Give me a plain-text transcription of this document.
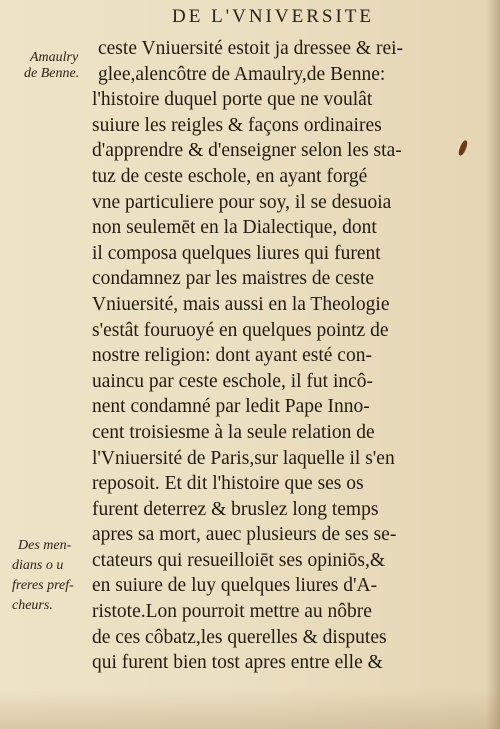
DE L'VNIVERSITE
Amaulry
de Benne.
Des men-
dians o u
freres pref-
cheurs.
ceste Vniuersité estoit ja dressee & rei-
glee,alencôtre de Amaulry,de Benne:
l'histoire duquel porte que ne voulât
suiure les reigles & façons ordinaires
d'apprendre & d'enseigner selon les sta-
tuz de ceste eschole, en ayant forgé
vne particuliere pour soy, il se desuoia
non seulemēt en la Dialectique, dont
il composa quelques liures qui furent
condamnez par les maistres de ceste
Vniuersité, mais aussi en la Theologie
s'estât fouruoyé en quelques pointz de
nostre religion: dont ayant esté con-
uaincu par ceste eschole, il fut incô-
nent condamné par ledit Pape Inno-
cent troisiesme à la seule relation de
l'Vniuersité de Paris,sur laquelle il s'en
reposoit. Et dit l'histoire que ses os
furent deterrez & bruslez long temps
apres sa mort, auec plusieurs de ses se-
ctateurs qui resueilloiēt ses opiniōs,&
en suiure de luy quelques liures d'A-
ristote.Lon pourroit mettre au nôbre
de ces côbatz,les querelles & disputes
qui furent bien tost apres entre elle &
